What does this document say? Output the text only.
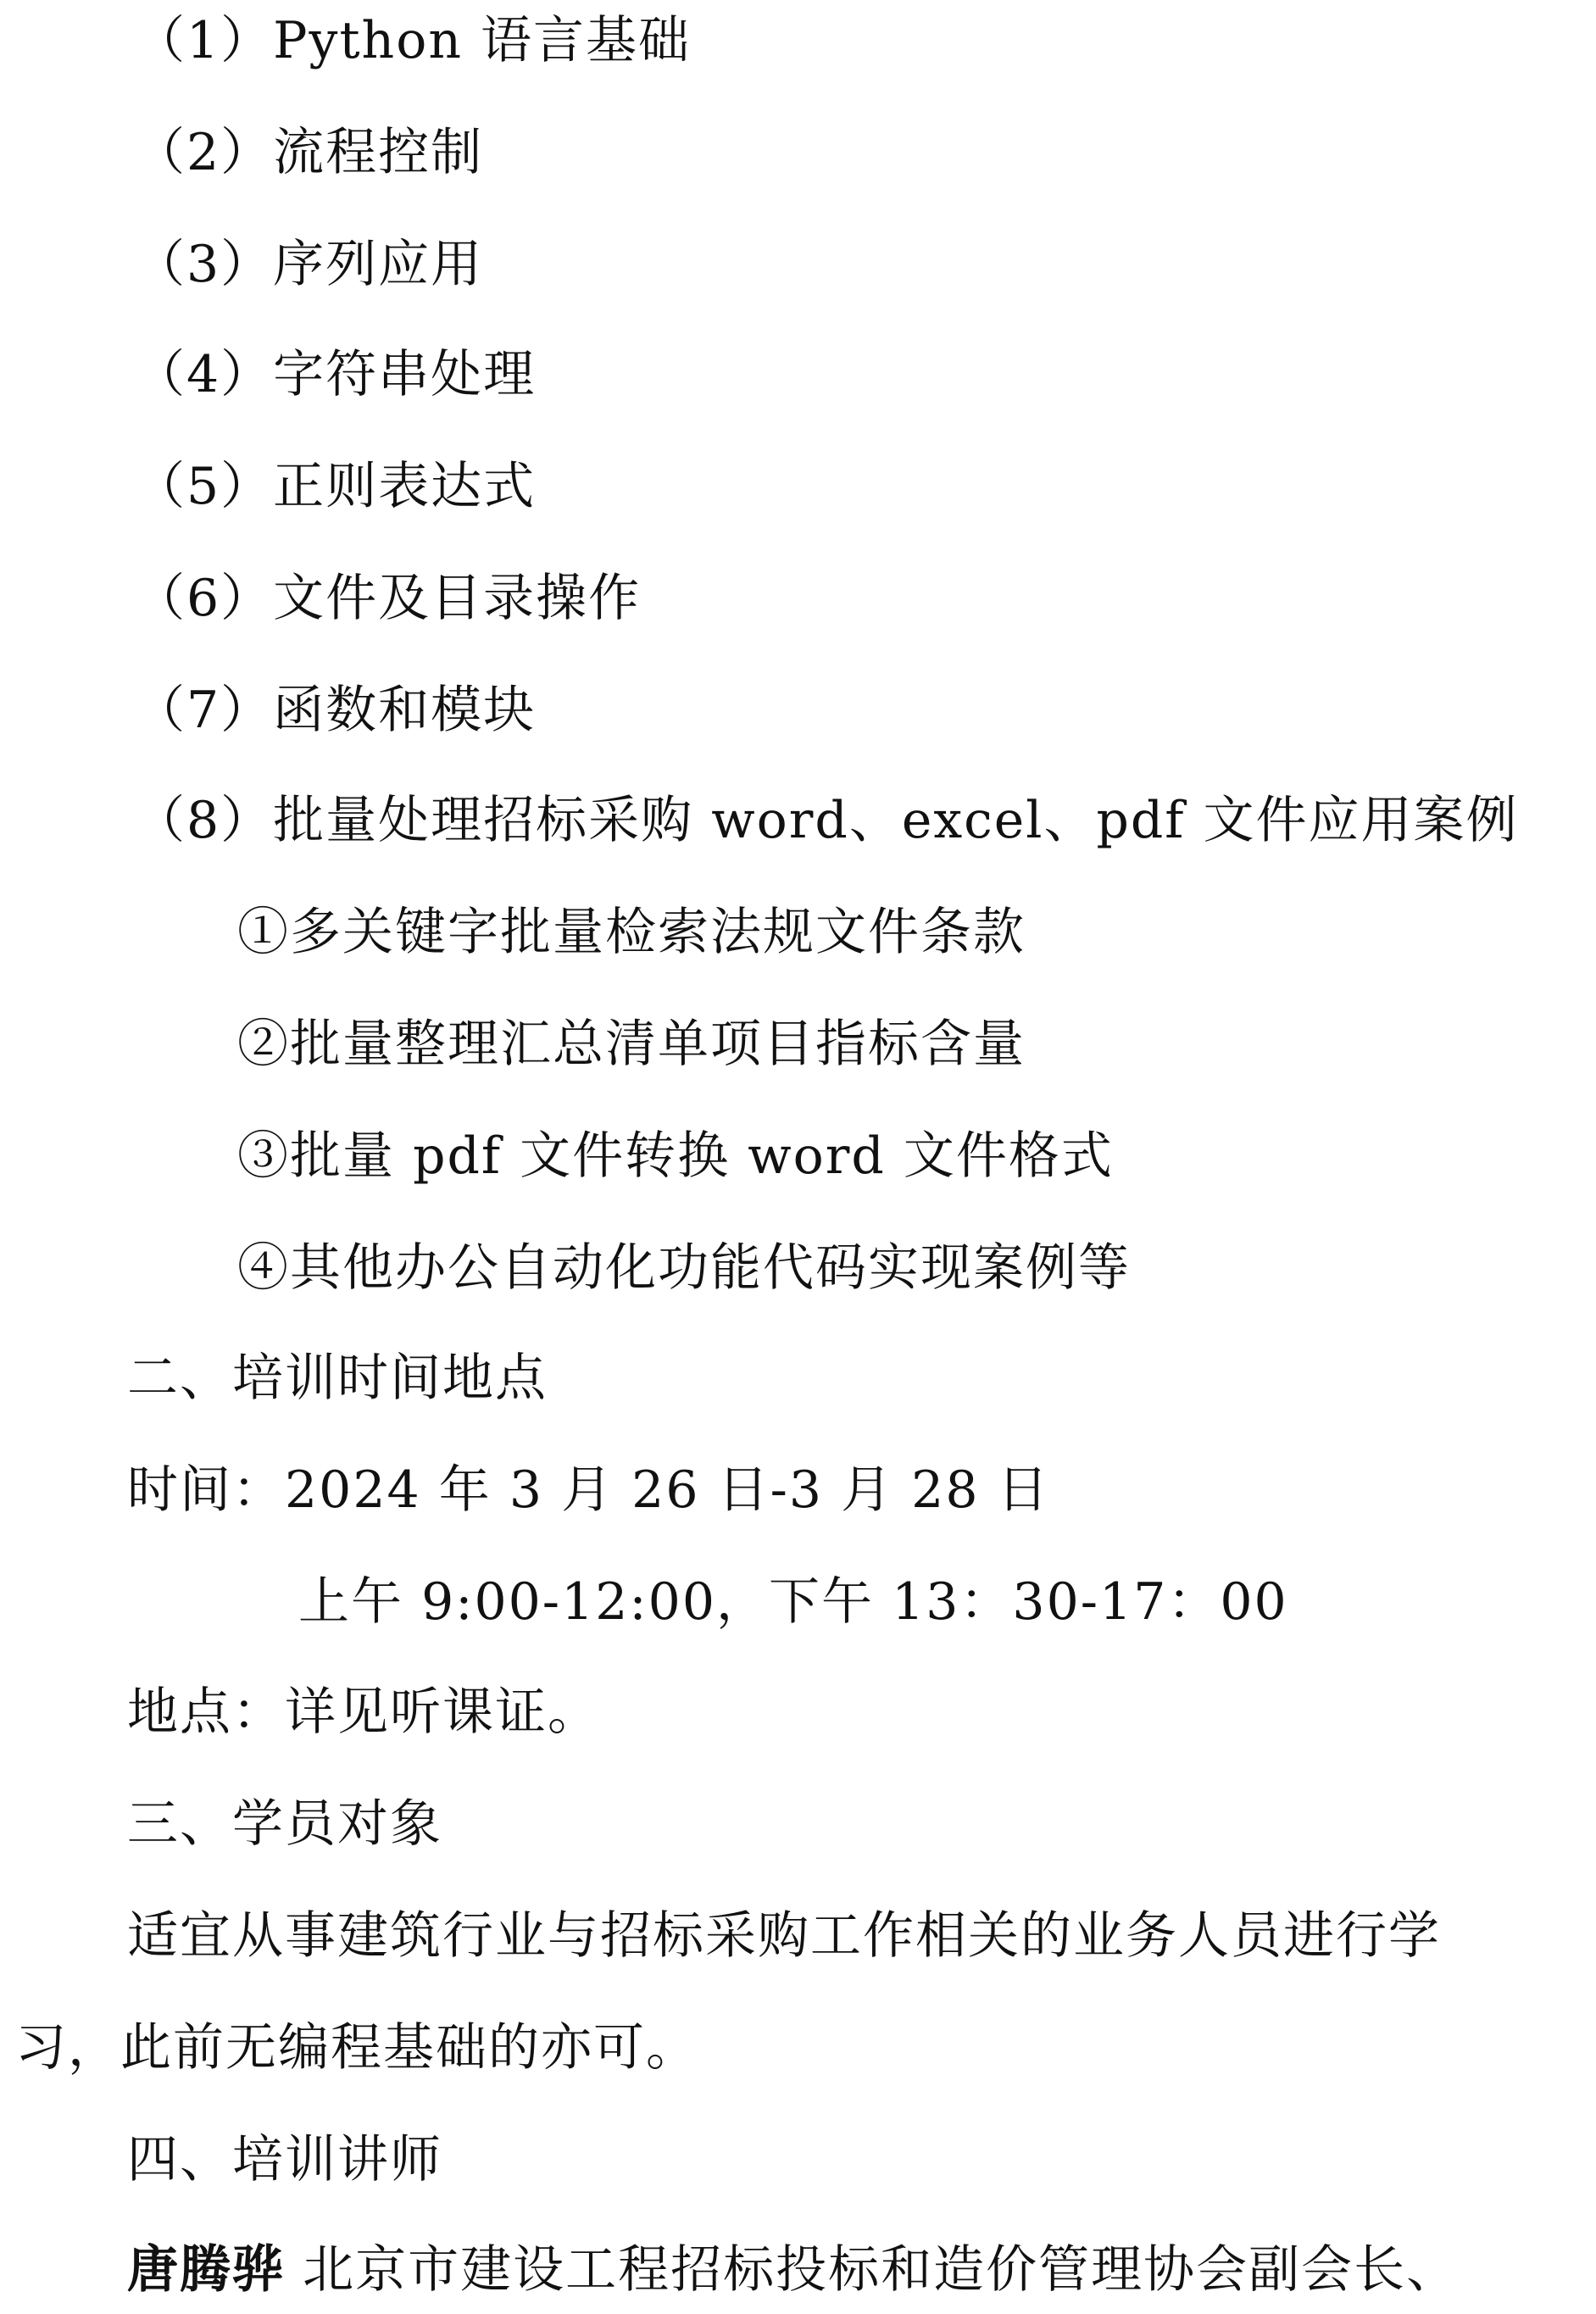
（1）Python 语言基础
（2）流程控制
（3）序列应用
（4）字符串处理
（5）正则表达式
（6）文件及目录操作
（7）函数和模块
（8）批量处理招标采购 word、excel、pdf 文件应用案例
①多关键字批量检索法规文件条款
②批量整理汇总清单项目指标含量
③批量 pdf 文件转换 word 文件格式
④其他办公自动化功能代码实现案例等
二、培训时间地点
时间：2024 年 3 月 26 日-3 月 28 日
上午 9:00-12:00，下午 13：30-17：00
地点：详见听课证。
三、学员对象
适宜从事建筑行业与招标采购工作相关的业务人员进行学
习，此前无编程基础的亦可。
四、培训讲师
唐腾骅 北京市建设工程招标投标和造价管理协会副会长、
